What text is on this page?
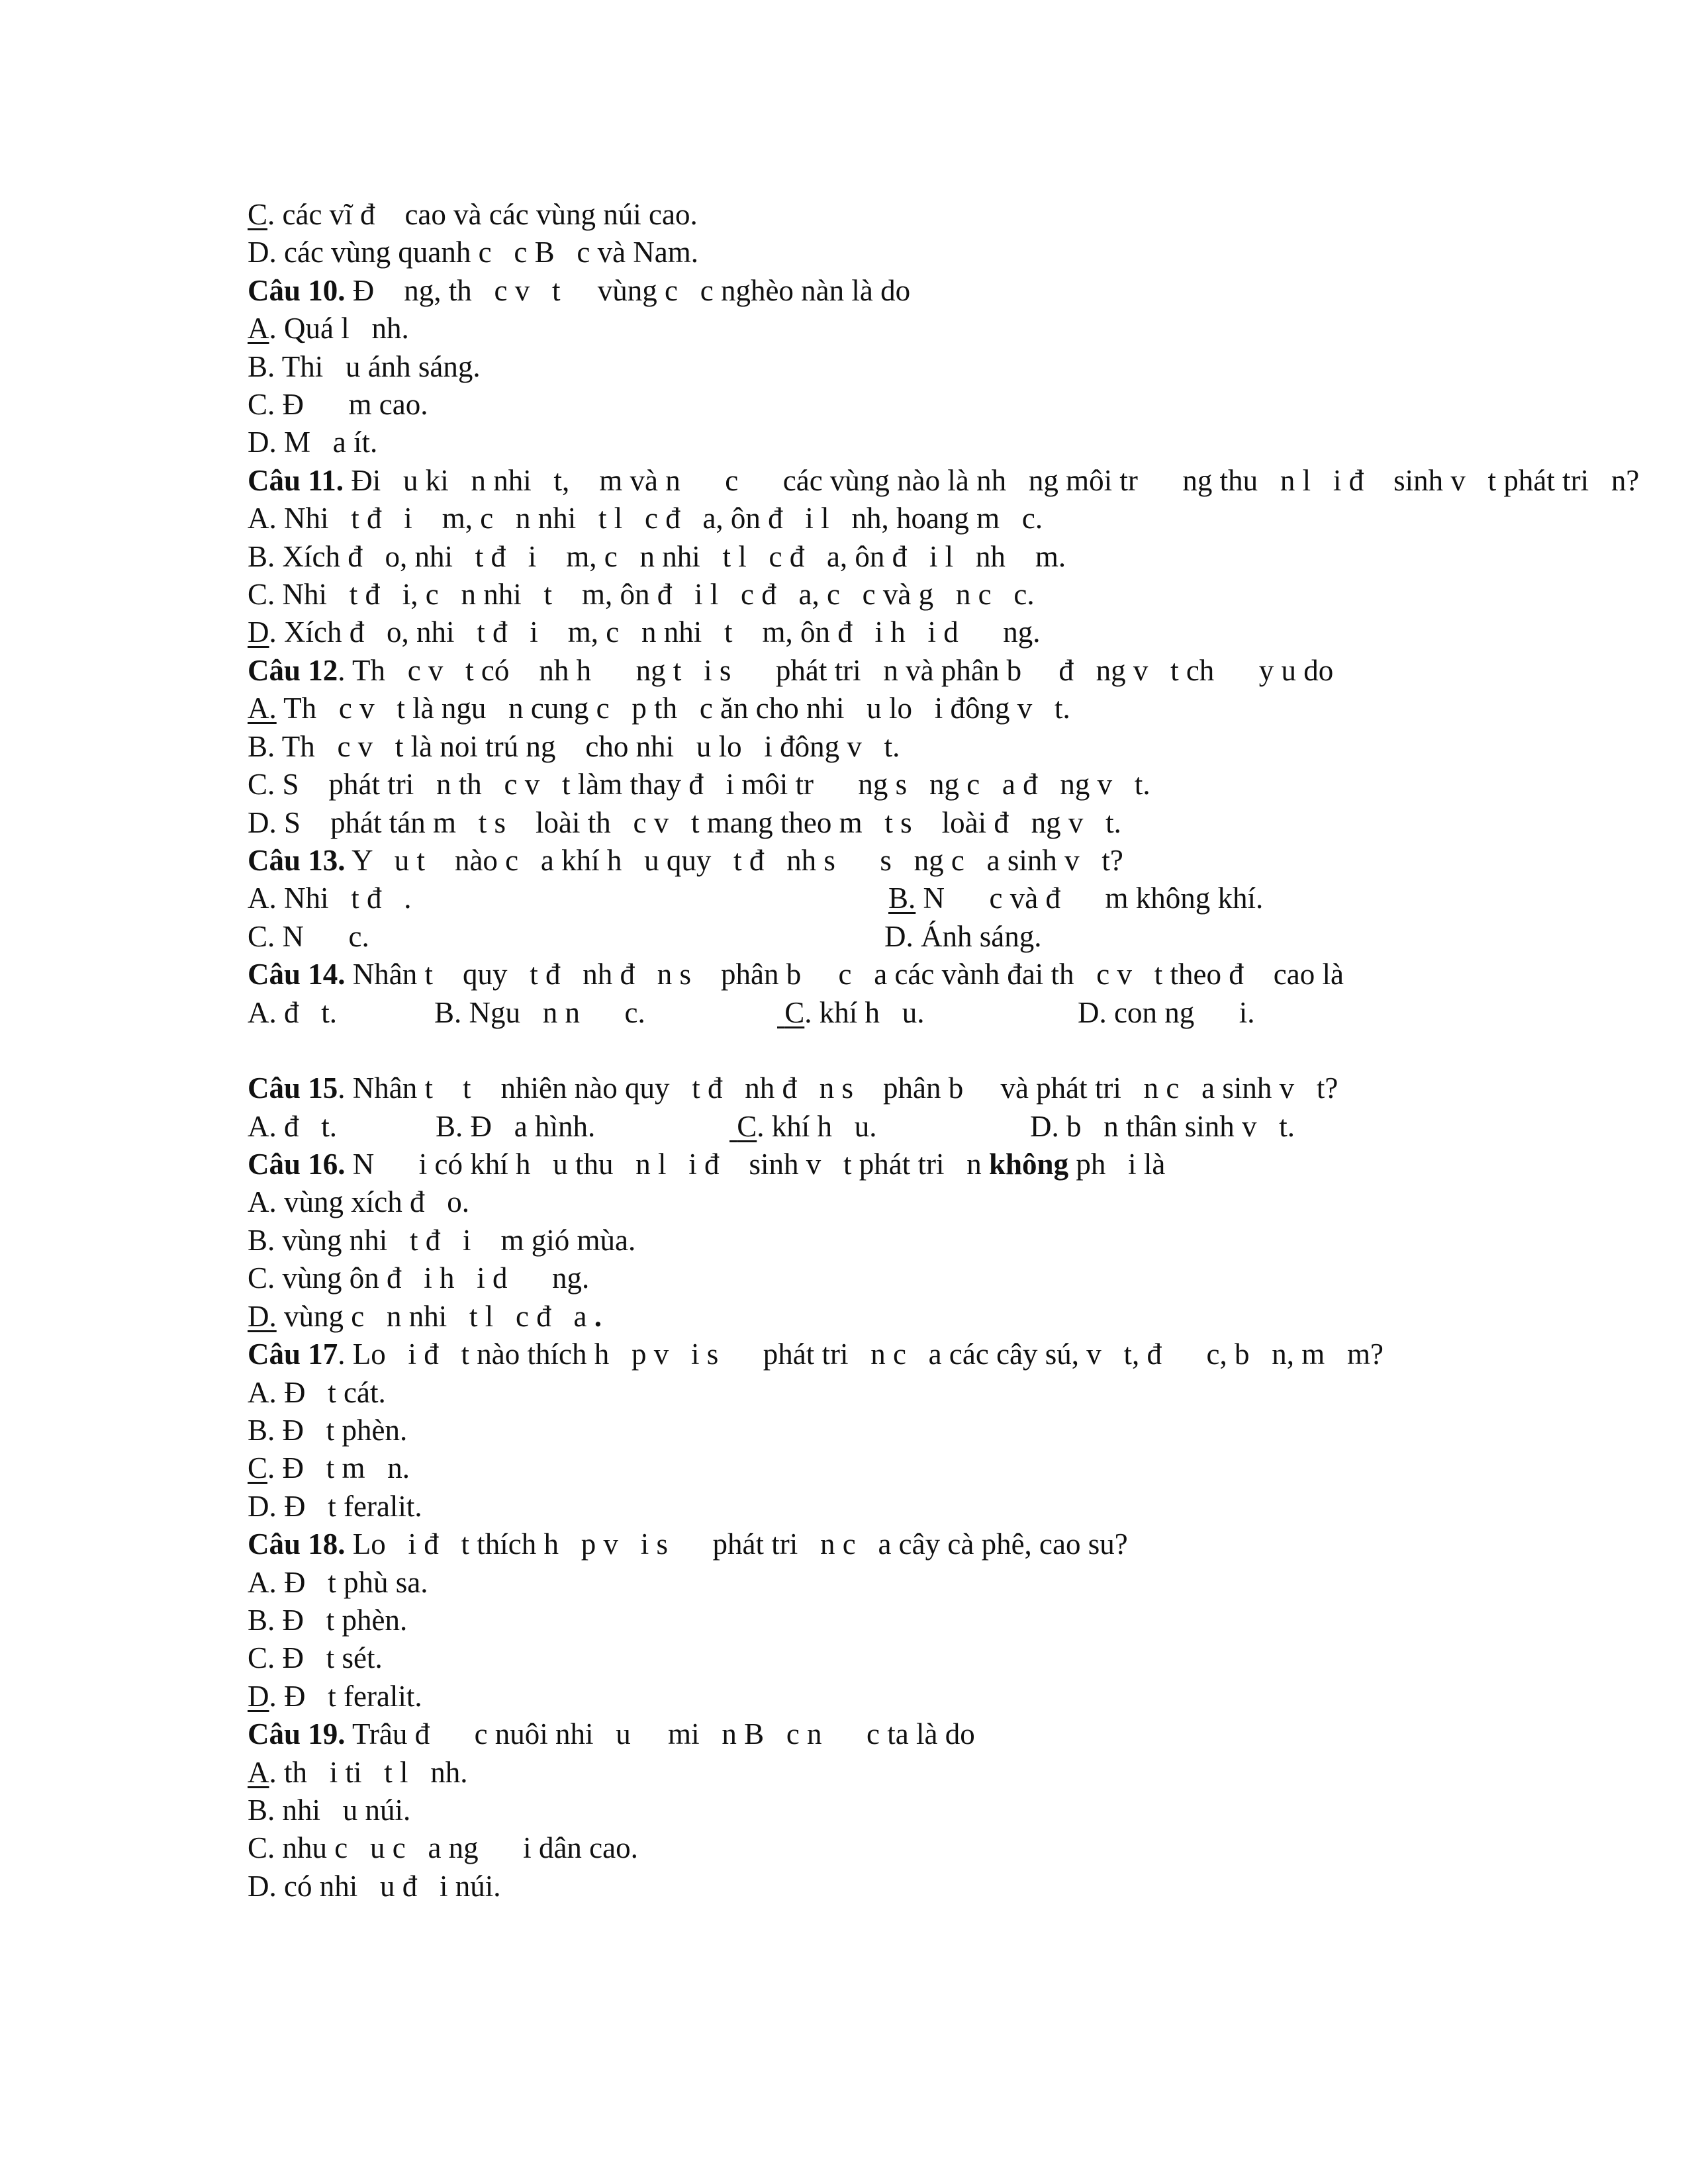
C. các vĩ đ    cao và các vùng núi cao.
D. các vùng quanh c   c B   c và Nam.
Câu 10. Đ    ng, th   c v   t     vùng c   c nghèo nàn là do
A. Quá l   nh.
B. Thi   u ánh sáng.
C. Đ      m cao.
D. M   a ít.
Câu 11. Đi   u ki   n nhi   t,    m và n      c      các vùng nào là nh   ng môi tr      ng thu   n l   i đ    sinh v   t phát tri   n?
A. Nhi   t đ   i    m, c   n nhi   t l   c đ   a, ôn đ   i l   nh, hoang m   c.
B. Xích đ   o, nhi   t đ   i    m, c   n nhi   t l   c đ   a, ôn đ   i l   nh    m.
C. Nhi   t đ   i, c   n nhi   t    m, ôn đ   i l   c đ   a, c   c và g   n c   c.
D. Xích đ   o, nhi   t đ   i    m, c   n nhi   t    m, ôn đ   i h   i d      ng.
Câu 12. Th   c v   t có    nh h      ng t   i s      phát tri   n và phân b     đ   ng v   t ch      y u do
A. Th   c v   t là ngu   n cung c   p th   c ăn cho nhi   u lo   i đông v   t.
B. Th   c v   t là noi trú ng    cho nhi   u lo   i đông v   t.
C. S    phát tri   n th   c v   t làm thay đ   i môi tr      ng s   ng c   a đ   ng v   t.
D. S    phát tán m   t s    loài th   c v   t mang theo m   t s    loài đ   ng v   t.
Câu 13. Y   u t    nào c   a khí h   u quy   t đ   nh s      s   ng c   a sinh v   t?

A. Nhi   t đ   .

	B. N      c và đ      m không khí.

C. N      c.

	D. Ánh sáng.

Câu 14. Nhân t    quy   t đ   nh đ   n s    phân b     c   a các vành đai th   c v   t theo đ    cao là

A. đ   t.

	B. Ngu   n n      c.

	C. khí h   u.

	D. con ng      i.

Câu 15. Nhân t    t    nhiên nào quy   t đ   nh đ   n s    phân b     và phát tri   n c   a sinh v   t?

A. đ   t.

	B. Đ   a hình.

	C. khí h   u.

	D. b   n thân sinh v   t.

Câu 16. N      i có khí h   u thu   n l   i đ    sinh v   t phát tri   n không ph   i là
A. vùng xích đ   o.
B. vùng nhi   t đ   i    m gió mùa.
C. vùng ôn đ   i h   i d      ng.
D. vùng c   n nhi   t l   c đ   a .
Câu 17. Lo   i đ   t nào thích h   p v   i s      phát tri   n c   a các cây sú, v   t, đ      c, b   n, m   m?
A. Đ   t cát.
B. Đ   t phèn.
C. Đ   t m   n.
D. Đ   t feralit.
Câu 18. Lo   i đ   t thích h   p v   i s      phát tri   n c   a cây cà phê, cao su?
A. Đ   t phù sa.
B. Đ   t phèn.
C. Đ   t sét.
D. Đ   t feralit.
Câu 19. Trâu đ      c nuôi nhi   u     mi   n B   c n      c ta là do
A. th   i ti   t l   nh.
B. nhi   u núi.
C. nhu c   u c   a ng      i dân cao.
D. có nhi   u đ   i núi.
